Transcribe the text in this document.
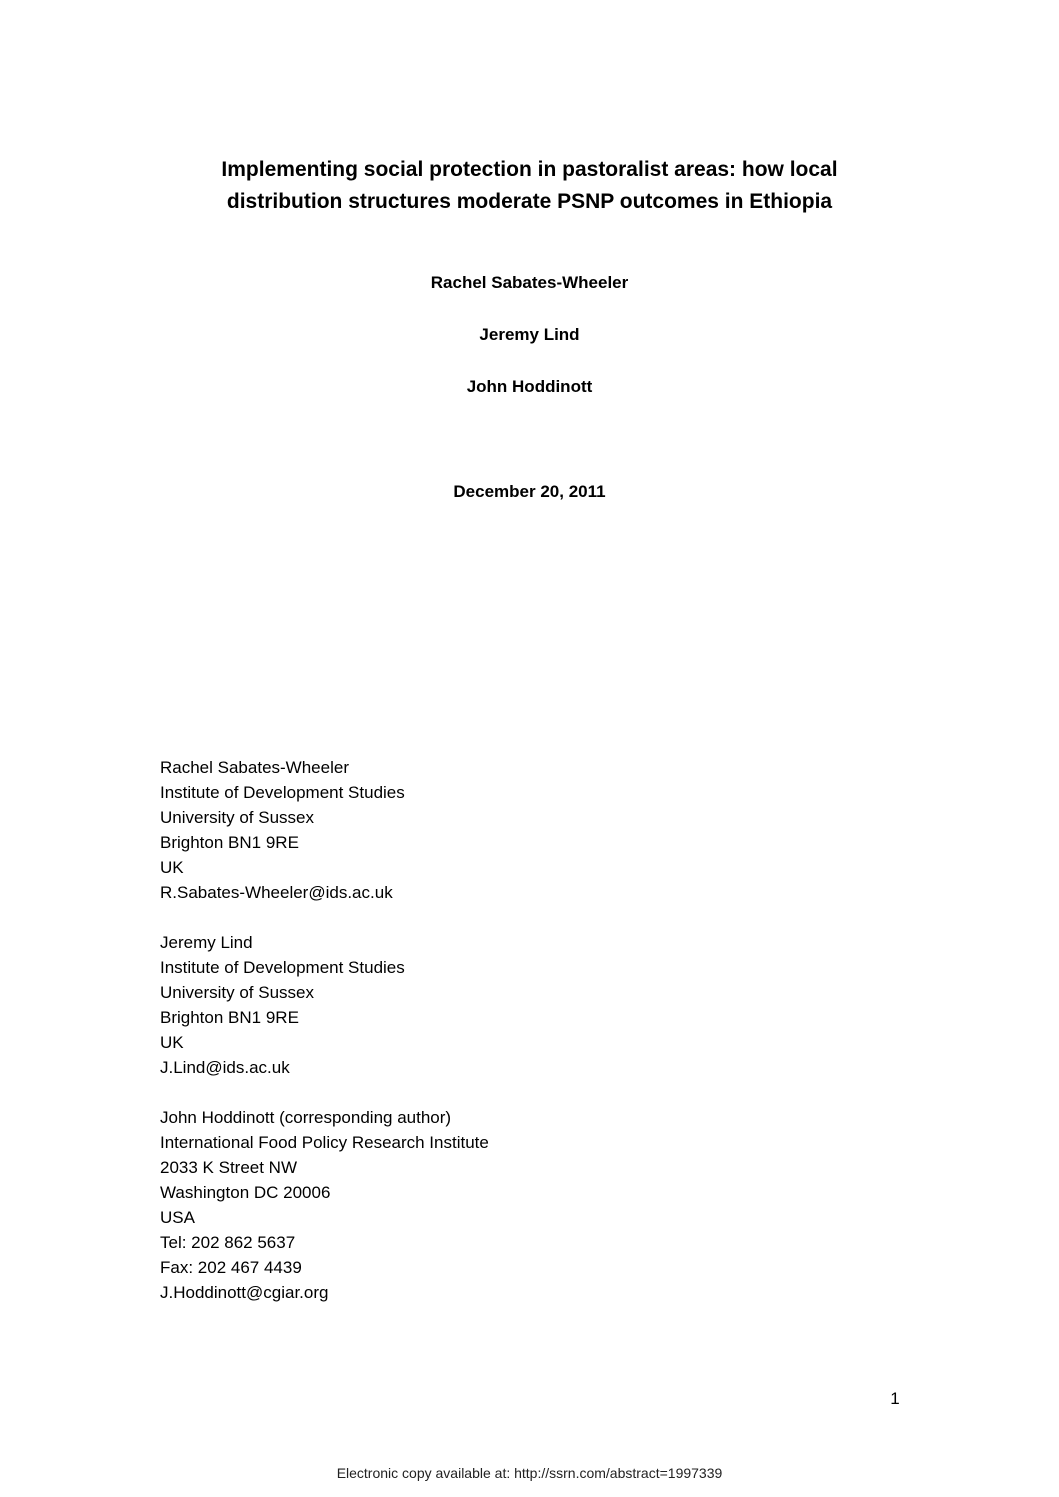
Implementing social protection in pastoralist areas: how local
distribution structures moderate PSNP outcomes in Ethiopia
Rachel Sabates-Wheeler
Jeremy Lind
John Hoddinott
December 20, 2011
Rachel Sabates-Wheeler
Institute of Development Studies
University of Sussex
Brighton BN1 9RE
UK
R.Sabates-Wheeler@ids.ac.uk
Jeremy Lind
Institute of Development Studies
University of Sussex
Brighton BN1 9RE
UK
J.Lind@ids.ac.uk
John Hoddinott (corresponding author)
International Food Policy Research Institute
2033 K Street NW
Washington DC 20006
USA
Tel: 202 862 5637
Fax: 202 467 4439
J.Hoddinott@cgiar.org
1
Electronic copy available at: http://ssrn.com/abstract=1997339
